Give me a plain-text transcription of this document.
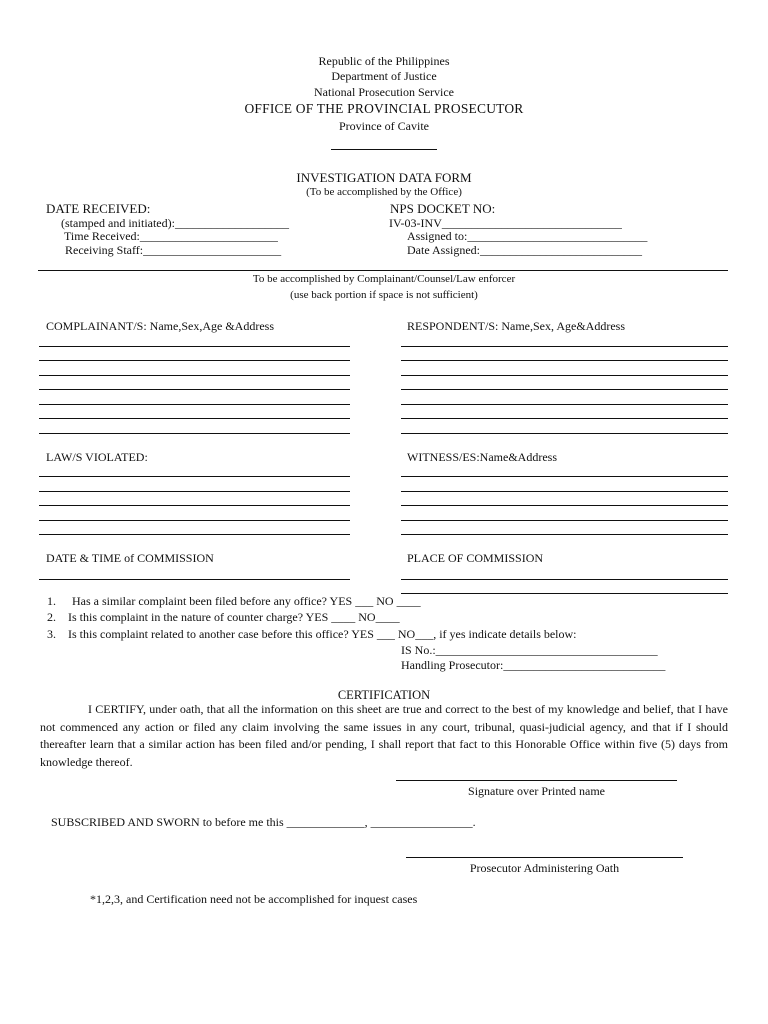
Republic of the Philippines
Department of Justice
National Prosecution Service
OFFICE OF THE PROVINCIAL PROSECUTOR
Province of Cavite
INVESTIGATION DATA FORM
(To be accomplished by the Office)
DATE RECEIVED:
(stamped and initiated):___________________
Time Received:_______________________
Receiving Staff:_______________________
NPS DOCKET NO:
IV-03-INV______________________________
Assigned to:______________________________
Date Assigned:___________________________
To be accomplished by Complainant/Counsel/Law enforcer
(use back portion if space is not sufficient)
COMPLAINANT/S: Name,Sex,Age &Address	RESPONDENT/S: Name,Sex, Age&Address
LAW/S VIOLATED:	WITNESS/ES:Name&Address
DATE & TIME of COMMISSION	PLACE OF COMMISSION
1. Has a similar complaint been filed before any office? YES ___ NO ____
2. Is this complaint in the nature of counter charge? YES ____ NO____
3. Is this complaint related to another case before this office? YES ___ NO___, if yes indicate details below:
IS No.:_____________________________________
Handling Prosecutor:___________________________
CERTIFICATION
I CERTIFY, under oath, that all the information on this sheet are true and correct to the best of my knowledge and belief, that I have not commenced any action or filed any claim involving the same issues in any court, tribunal, quasi-judicial agency, and that if I should thereafter learn that a similar action has been filed and/or pending, I shall report that fact to this Honorable Office within five (5) days from knowledge thereof.
Signature over Printed name
SUBSCRIBED AND SWORN to before me this _____________, _________________.
Prosecutor Administering Oath
*1,2,3, and Certification need not be accomplished for inquest cases
